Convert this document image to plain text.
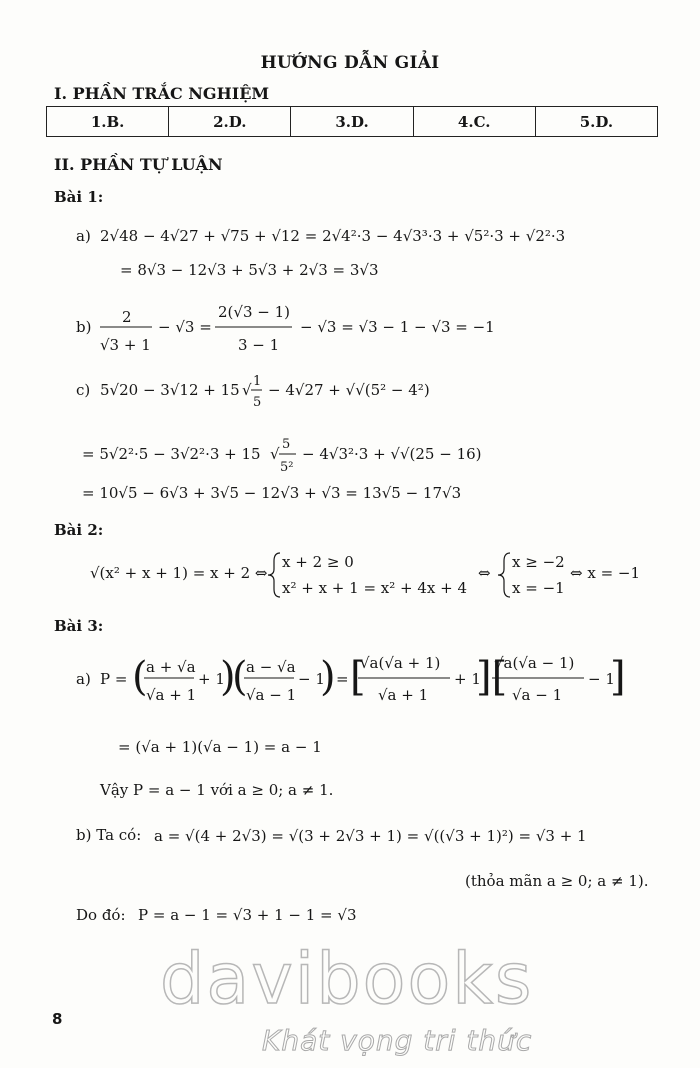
HƯỚNG DẪN GIẢI
I. PHẦN TRẮC NGHIỆM
1.B.	2.D.	3.D.	4.C.	5.D.
II. PHẦN TỰ LUẬN
Bài 1:
a) 2√48 − 4√27 + √75 + √12 = 2√4²·3 − 4√3³·3 + √5²·3 + √2²·3
= 8√3 − 12√3 + 5√3 + 2√3 = 3√3
b)
2
√3 + 1
− √3 =
2(√3 − 1)
3 − 1
− √3 = √3 − 1 − √3 = −1
c) 5√20 − 3√12 + 15 √ 1
5
− 4√27 + √√(5² − 4²)
= 5√2²·5 − 3√2²·3 + 15 √
5
5²
− 4√3²·3 + √√(25 − 16)
= 10√5 − 6√3 + 3√5 − 12√3 + √3 = 13√5 − 17√3
Bài 2:
√(x² + x + 1) = x + 2 ⇔
x + 2 ≥ 0
x² + x + 1 = x² + 4x + 4
⇔
x ≥ −2
x = −1
⇔ x = −1
Bài 3:
a) P = (
a + √a
√a + 1
+ 1
)
(
a − √a
√a − 1
− 1
) = [
√a(√a + 1)
√a + 1
+ 1
][
√a(√a − 1)
√a − 1
− 1
]
= (√a + 1)(√a − 1) = a − 1
Vậy P = a − 1 với a ≥ 0; a ≠ 1.
b) Ta có: a = √(4 + 2√3) = √(3 + 2√3 + 1) = √((√3 + 1)²) = √3 + 1
(thỏa mãn a ≥ 0; a ≠ 1).
Do đó: P = a − 1 = √3 + 1 − 1 = √3
davibooks
Khát vọng tri thức
8
